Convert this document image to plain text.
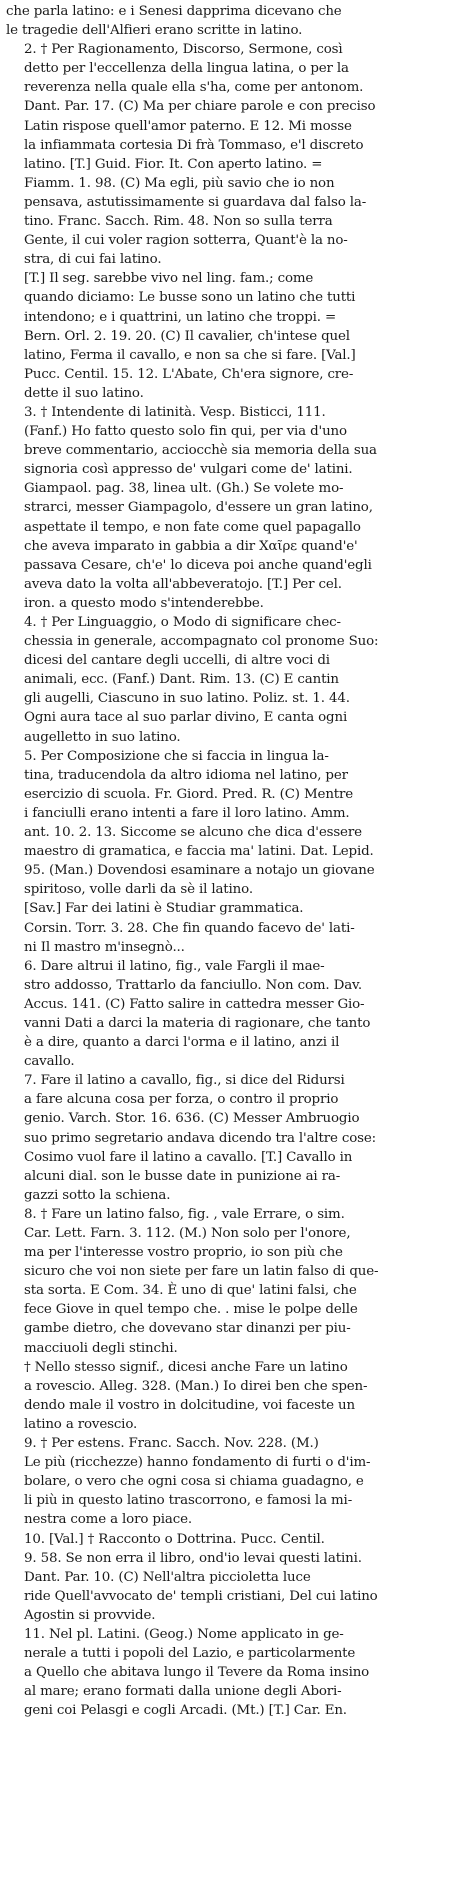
che parla latino: e i Senesi dapprima dicevano che
le tragedie dell'Alfieri erano scritte in latino.

2. † Per Ragionamento, Discorso, Sermone, così
detto per l'eccellenza della lingua latina, o per la
reverenza nella quale ella s'ha, come per antonom.
Dant. Par. 17. (C) Ma per chiare parole e con preciso
Latin rispose quell'amor paterno. E 12. Mi mosse
la infiammata cortesia Di frà Tommaso, e'l discreto
latino. [T.] Guid. Fior. It. Con aperto latino. =
Fiamm. 1. 98. (C) Ma egli, più savio che io non
pensava, astutissimamente si guardava dal falso la-
tino. Franc. Sacch. Rim. 48. Non so sulla terra
Gente, il cui voler ragion sotterra, Quant'è la no-
stra, di cui fai latino.

[T.] Il seg. sarebbe vivo nel ling. fam.; come
quando diciamo: Le busse sono un latino che tutti
intendono; e i quattrini, un latino che troppi. =
Bern. Orl. 2. 19. 20. (C) Il cavalier, ch'intese quel
latino, Ferma il cavallo, e non sa che si fare. [Val.]
Pucc. Centil. 15. 12. L'Abate, Ch'era signore, cre-
dette il suo latino.

3. † Intendente di latinità. Vesp. Bisticci, 111.
(Fanf.) Ho fatto questo solo fin qui, per via d'uno
breve commentario, acciocchè sia memoria della sua
signoria così appresso de' vulgari come de' latini.
Giampaol. pag. 38, linea ult. (Gh.) Se volete mo-
strarci, messer Giampagolo, d'essere un gran latino,
aspettate il tempo, e non fate come quel papagallo
che aveva imparato in gabbia a dir Χαῖρε quand'e'
passava Cesare, ch'e' lo diceva poi anche quand'egli
aveva dato la volta all'abbeveratojo. [T.] Per cel.
iron. a questo modo s'intenderebbe.

4. † Per Linguaggio, o Modo di significare chec-
chessia in generale, accompagnato col pronome Suo:
dicesi del cantare degli uccelli, di altre voci di
animali, ecc. (Fanf.) Dant. Rim. 13. (C) E cantin
gli augelli, Ciascuno in suo latino. Poliz. st. 1. 44.
Ogni aura tace al suo parlar divino, E canta ogni
augelletto in suo latino.

5. Per Composizione che si faccia in lingua la-
tina, traducendola da altro idioma nel latino, per
esercizio di scuola. Fr. Giord. Pred. R. (C) Mentre
i fanciulli erano intenti a fare il loro latino. Amm.
ant. 10. 2. 13. Siccome se alcuno che dica d'essere
maestro di gramatica, e faccia ma' latini. Dat. Lepid.
95. (Man.) Dovendosi esaminare a notajo un giovane
spiritoso, volle darli da sè il latino.

[Sav.] Far dei latini è Studiar grammatica.
Corsin. Torr. 3. 28. Che fin quando facevo de' lati-
ni Il mastro m'insegnò...

6. Dare altrui il latino, fig., vale Fargli il mae-
stro addosso, Trattarlo da fanciullo. Non com. Dav.
Accus. 141. (C) Fatto salire in cattedra messer Gio-
vanni Dati a darci la materia di ragionare, che tanto
è a dire, quanto a darci l'orma e il latino, anzi il
cavallo.

7. Fare il latino a cavallo, fig., si dice del Ridursi
a fare alcuna cosa per forza, o contro il proprio
genio. Varch. Stor. 16. 636. (C) Messer Ambruogio
suo primo segretario andava dicendo tra l'altre cose:
Cosimo vuol fare il latino a cavallo. [T.] Cavallo in
alcuni dial. son le busse date in punizione ai ra-
gazzi sotto la schiena.

8. † Fare un latino falso, fig. , vale Errare, o sim.
Car. Lett. Farn. 3. 112. (M.) Non solo per l'onore,
ma per l'interesse vostro proprio, io son più che
sicuro che voi non siete per fare un latin falso di que-
sta sorta. E Com. 34. È uno di que' latini falsi, che
fece Giove in quel tempo che. . mise le polpe delle
gambe dietro, che dovevano star dinanzi per piu-
macciuoli degli stinchi.

† Nello stesso signif., dicesi anche Fare un latino
a rovescio. Alleg. 328. (Man.) Io direi ben che spen-
dendo male il vostro in dolcitudine, voi faceste un
latino a rovescio.

9. † Per estens. Franc. Sacch. Nov. 228. (M.)
Le più (ricchezze) hanno fondamento di furti o d'im-
bolare, o vero che ogni cosa si chiama guadagno, e
li più in questo latino trascorrono, e famosi la mi-
nestra come a loro piace.

10. [Val.] † Racconto o Dottrina. Pucc. Centil.
9. 58. Se non erra il libro, ond'io levai questi latini.

Dant. Par. 10. (C) Nell'altra piccioletta luce
ride Quell'avvocato de' templi cristiani, Del cui latino
Agostin si provvide.

11. Nel pl. Latini. (Geog.) Nome applicato in ge-
nerale a tutti i popoli del Lazio, e particolarmente
a Quello che abitava lungo il Tevere da Roma insino
al mare; erano formati dalla unione degli Abori-
geni coi Pelasgi e cogli Arcadi. (Mt.) [T.] Car. En.
